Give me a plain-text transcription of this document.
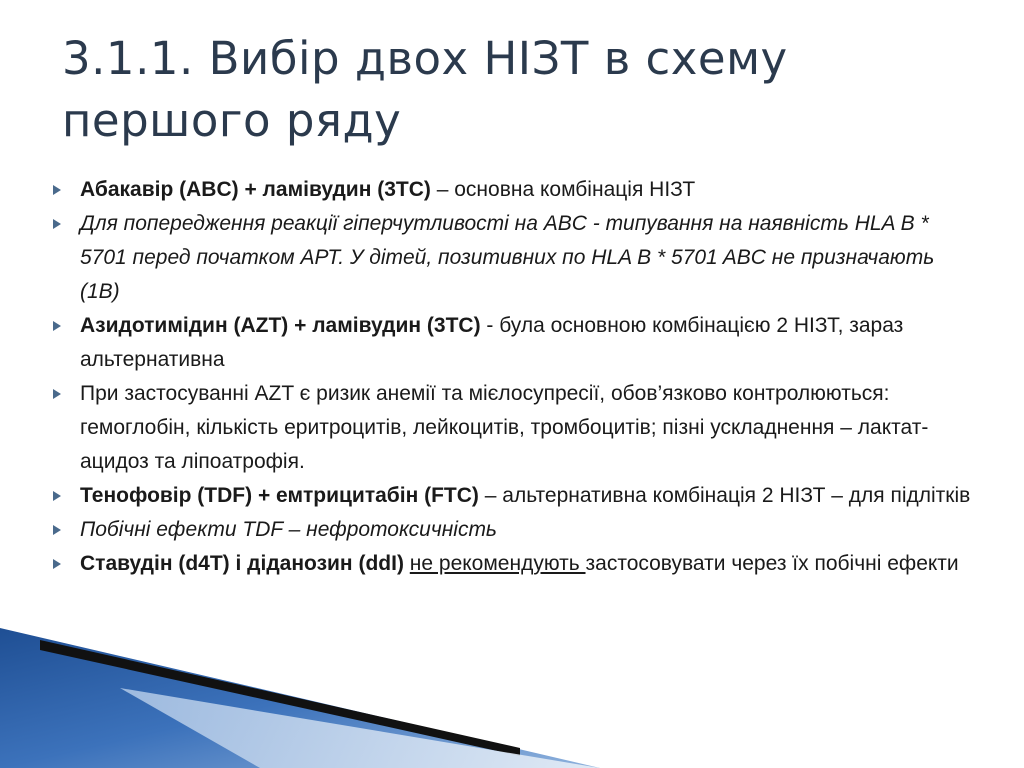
3.1.1. Вибір двох НІЗТ в схему першого ряду
Абакавір (ABC) + ламівудин (3TC) – основна комбінація НІЗТ
Для попередження реакції гіперчутливості на ABC - типування на наявність HLA B * 5701 перед початком АРТ. У дітей, позитивних по HLA B * 5701 ABC не призначають (1B)
Азидотимідин (AZT) + ламівудин (3TC) - була основною комбінацією 2 НІЗТ, зараз альтернативна
При застосуванні AZT є ризик анемії та мієлосупресії, обов’язково контролюються: гемоглобін, кількість еритроцитів, лейкоцитів, тромбоцитів; пізні ускладнення – лактат-ацидоз та ліпоатрофія.
Тенофовір (TDF) + емтрицитабін (FTC) – альтернативна комбінація 2 НІЗТ – для підлітків
Побічні ефекти TDF – нефротоксичність
Ставудін (d4T) і діданозин (ddI) не рекомендують застосовувати через їх побічні ефекти
